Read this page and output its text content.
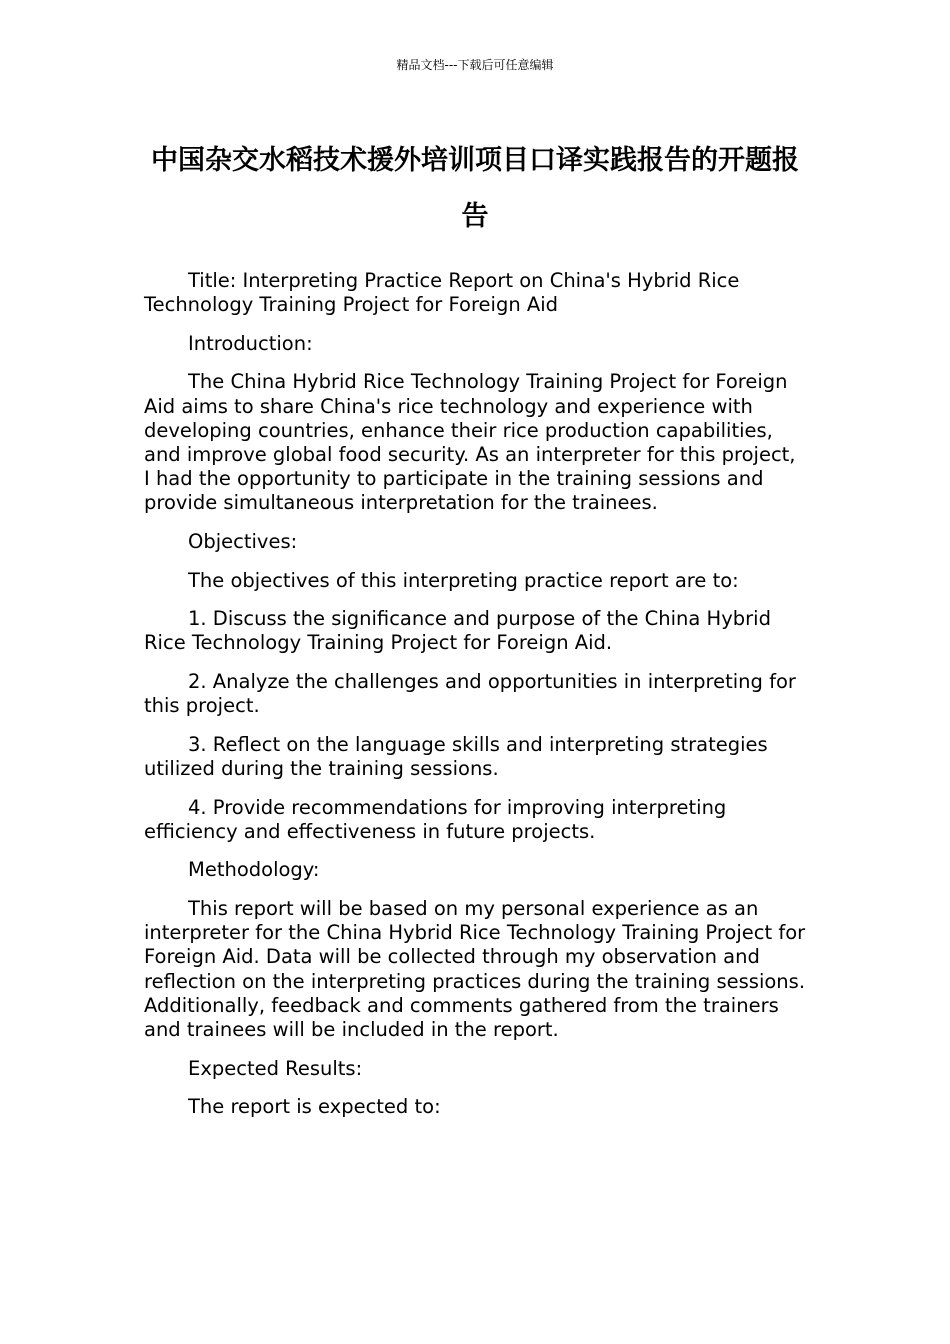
精品文档---下载后可任意编辑
中国杂交水稻技术援外培训项目口译实践报告的开题报告

Title: Interpreting Practice Report on China's Hybrid Rice Technology Training Project for Foreign Aid

Introduction:

The China Hybrid Rice Technology Training Project for Foreign Aid aims to share China's rice technology and experience with developing countries, enhance their rice production capabilities, and improve global food security. As an interpreter for this project, I had the opportunity to participate in the training sessions and provide simultaneous interpretation for the trainees.

Objectives:

The objectives of this interpreting practice report are to:

1. Discuss the significance and purpose of the China Hybrid Rice Technology Training Project for Foreign Aid.

2. Analyze the challenges and opportunities in interpreting for this project.

3. Reflect on the language skills and interpreting strategies utilized during the training sessions.

4. Provide recommendations for improving interpreting efficiency and effectiveness in future projects.

Methodology:

This report will be based on my personal experience as an interpreter for the China Hybrid Rice Technology Training Project for Foreign Aid. Data will be collected through my observation and reflection on the interpreting practices during the training sessions. Additionally, feedback and comments gathered from the trainers and trainees will be included in the report.

Expected Results:

The report is expected to:
